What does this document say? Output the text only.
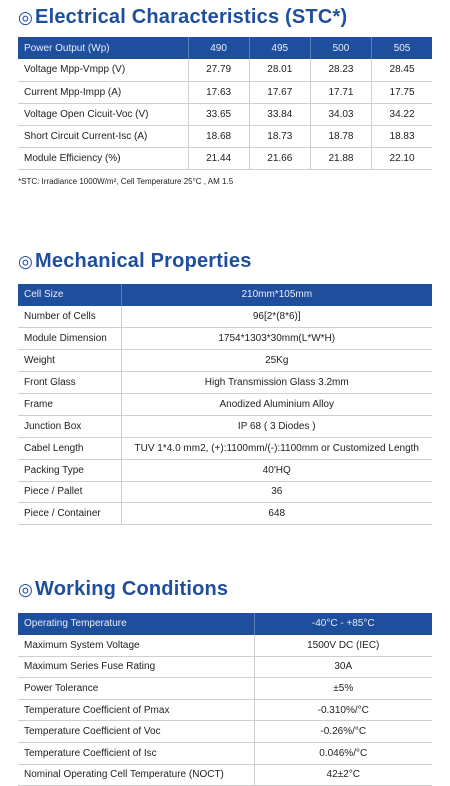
◎ Electrical Characteristics (STC*)
Power Output (Wp)	490	495	500	505
Voltage Mpp-Vmpp (V)	27.79	28.01	28.23	28.45
Current Mpp-Impp (A)	17.63	17.67	17.71	17.75
Voltage Open Cicuit-Voc (V)	33.65	33.84	34.03	34.22
Short Circuit Current-Isc (A)	18.68	18.73	18.78	18.83
Module Efficiency (%)	21.44	21.66	21.88	22.10
*STC: Irradiance 1000W/m², Cell Temperature 25°C , AM 1.5
◎ Mechanical Properties
Cell Size	210mm*105mm
Number of Cells	96[2*(8*6)]
Module Dimension	1754*1303*30mm(L*W*H)
Weight	25Kg
Front Glass	High Transmission Glass 3.2mm
Frame	Anodized Aluminium Alloy
Junction Box	IP 68 ( 3 Diodes )
Cabel Length	TUV 1*4.0 mm2, (+):1100mm/(-):1100mm or Customized Length
Packing Type	40'HQ
Piece / Pallet	36
Piece / Container	648
◎ Working Conditions
Operating Temperature	-40°C - +85°C
Maximum System Voltage	1500V DC (IEC)
Maximum Series Fuse Rating	30A
Power Tolerance	±5%
Temperature Coefficient of Pmax	-0.310%/°C
Temperature Coefficient of Voc	-0.26%/°C
Temperature Coefficient of Isc	0.046%/°C
Nominal Operating Cell Temperature (NOCT)	42±2°C
